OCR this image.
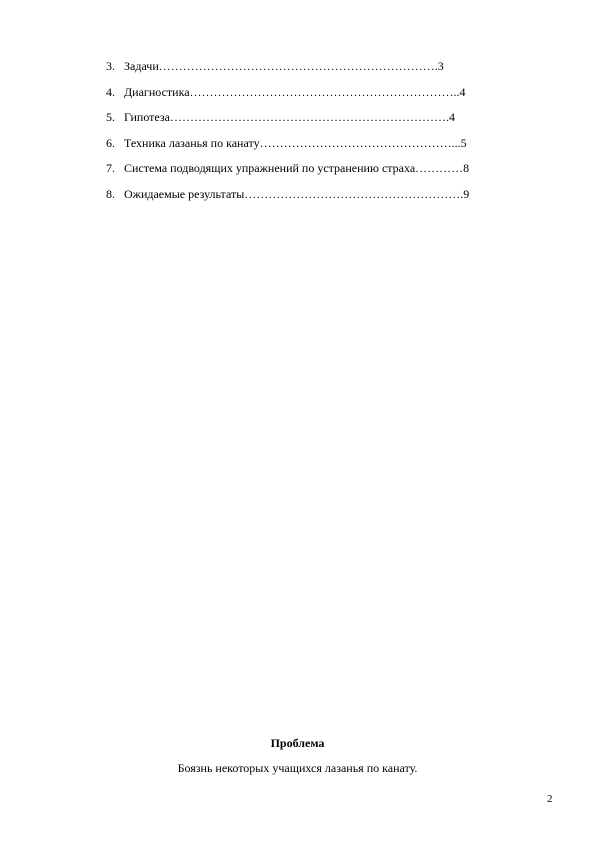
3. Задачи…………………………………………………………….3
4. Диагностика…………………………………………………………..4
5. Гипотеза…………………………………………………………….4
6. Техника лазанья по канату…………………………………………...5
7. Система подводящих упражнений по устранению страха…………8
8. Ожидаемые результаты……………………………………………….9
Проблема
Боязнь некоторых учащихся лазанья по канату.
2
